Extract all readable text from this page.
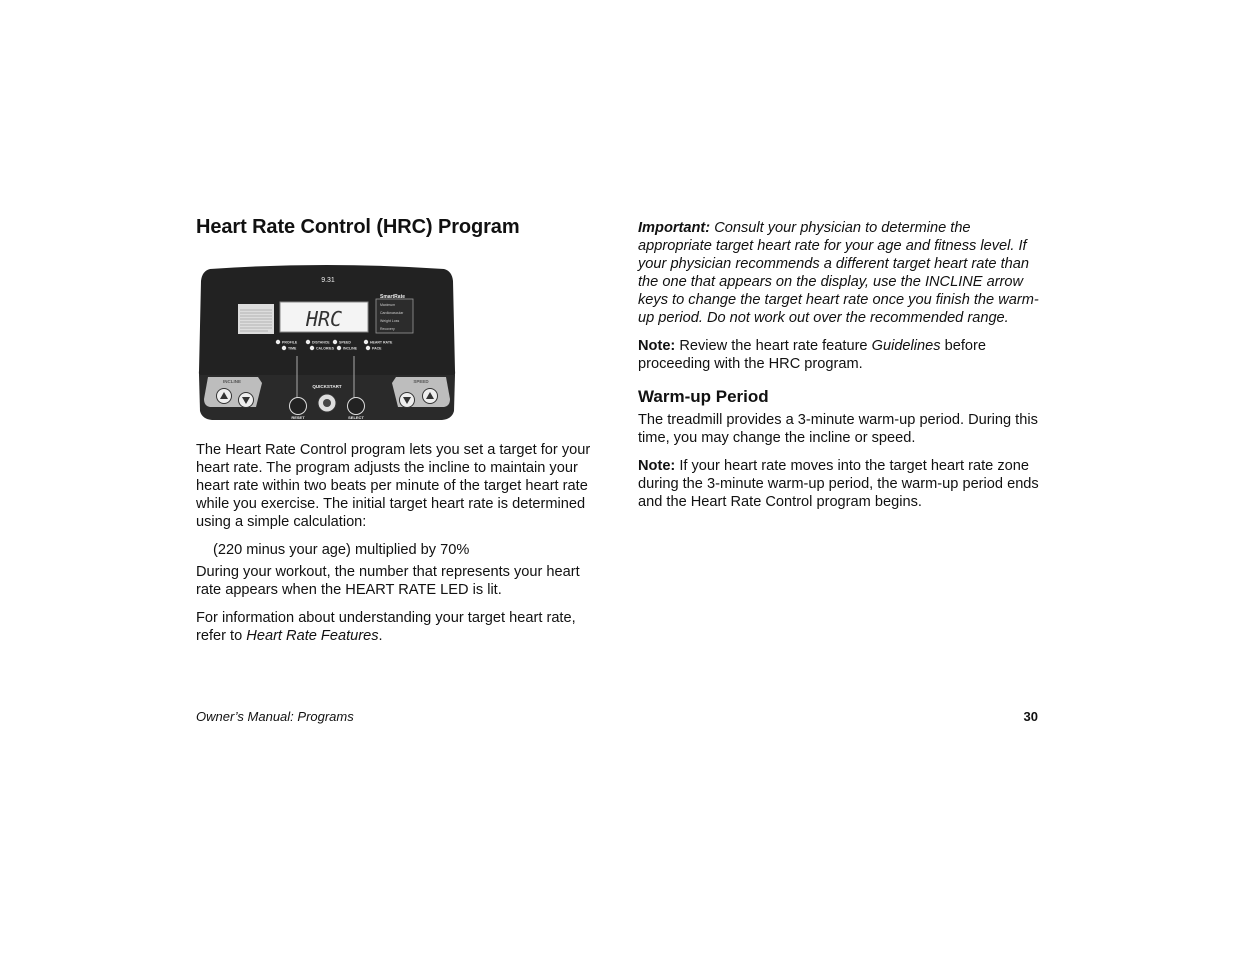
Heart Rate Control (HRC) Program
9.31
HRC
SmartRate
Maximum
Cardiovascular
Weight Loss
Recovery
PROFILE	DISTANCE	SPEED	HEART RATE
TIME	CALORIES	INCLINE	PACE
INCLINE	SPEED
QUICKSTART
RESET	SELECT

The Heart Rate Control program lets you set a target for your heart rate. The program adjusts the incline to maintain your heart rate within two beats per minute of the target heart rate while you exercise. The initial target heart rate is determined using a simple calculation:

(220 minus your age) multiplied by 70%

During your workout, the number that represents your heart rate appears when the HEART RATE LED is lit.

For information about understanding your target heart rate, refer to Heart Rate Features.

Important: Consult your physician to determine the appropriate target heart rate for your age and fitness level. If your physician recommends a different target heart rate than the one that appears on the display, use the INCLINE arrow keys to change the target heart rate once you finish the warm-up period. Do not work out over the recommended range.

Note: Review the heart rate feature Guidelines before proceeding with the HRC program.

Warm-up Period

The treadmill provides a 3-minute warm-up period. During this time, you may change the incline or speed.

Note: If your heart rate moves into the target heart rate zone during the 3-minute warm-up period, the warm-up period ends and the Heart Rate Control program begins.

Owner’s Manual: Programs	30
